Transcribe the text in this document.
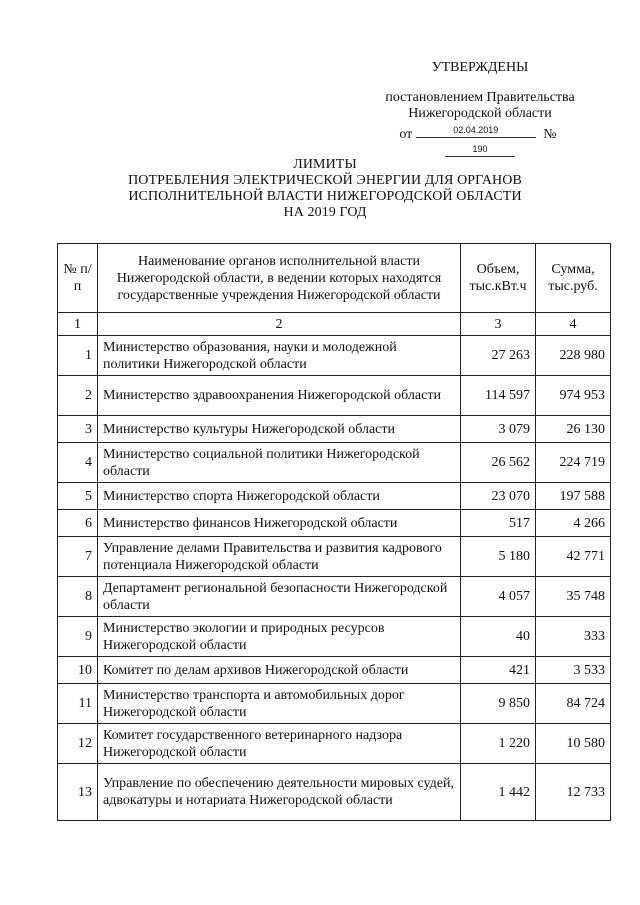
УТВЕРЖДЕНЫ
постановлением Правительства
Нижегородской области
от	02.04.2019	№
190
ЛИМИТЫ
ПОТРЕБЛЕНИЯ ЭЛЕКТРИЧЕСКОЙ ЭНЕРГИИ ДЛЯ ОРГАНОВ
ИСПОЛНИТЕЛЬНОЙ ВЛАСТИ НИЖЕГОРОДСКОЙ ОБЛАСТИ
НА 2019 ГОД
№ п/п	Наименование органов исполнительной власти Нижегородской области, в ведении которых находятся государственные учреждения Нижегородской области	Объем, тыс.кВт.ч	Сумма, тыс.руб.
1	2	3	4
1	Министерство образования, науки и молодежной политики Нижегородской области	27 263	228 980
2	Министерство здравоохранения Нижегородской области	114 597	974 953
3	Министерство культуры Нижегородской области	3 079	26 130
4	Министерство социальной политики Нижегородской области	26 562	224 719
5	Министерство спорта Нижегородской области	23 070	197 588
6	Министерство финансов Нижегородской области	517	4 266
7	Управление делами Правительства и развития кадрового потенциала Нижегородской области	5 180	42 771
8	Департамент региональной безопасности Нижегородской области	4 057	35 748
9	Министерство экологии и природных ресурсов Нижегородской области	40	333
10	Комитет по делам архивов Нижегородской области	421	3 533
11	Министерство транспорта и автомобильных дорог Нижегородской области	9 850	84 724
12	Комитет государственного ветеринарного надзора Нижегородской области	1 220	10 580
13	Управление по обеспечению деятельности мировых судей, адвокатуры и нотариата Нижегородской области	1 442	12 733
